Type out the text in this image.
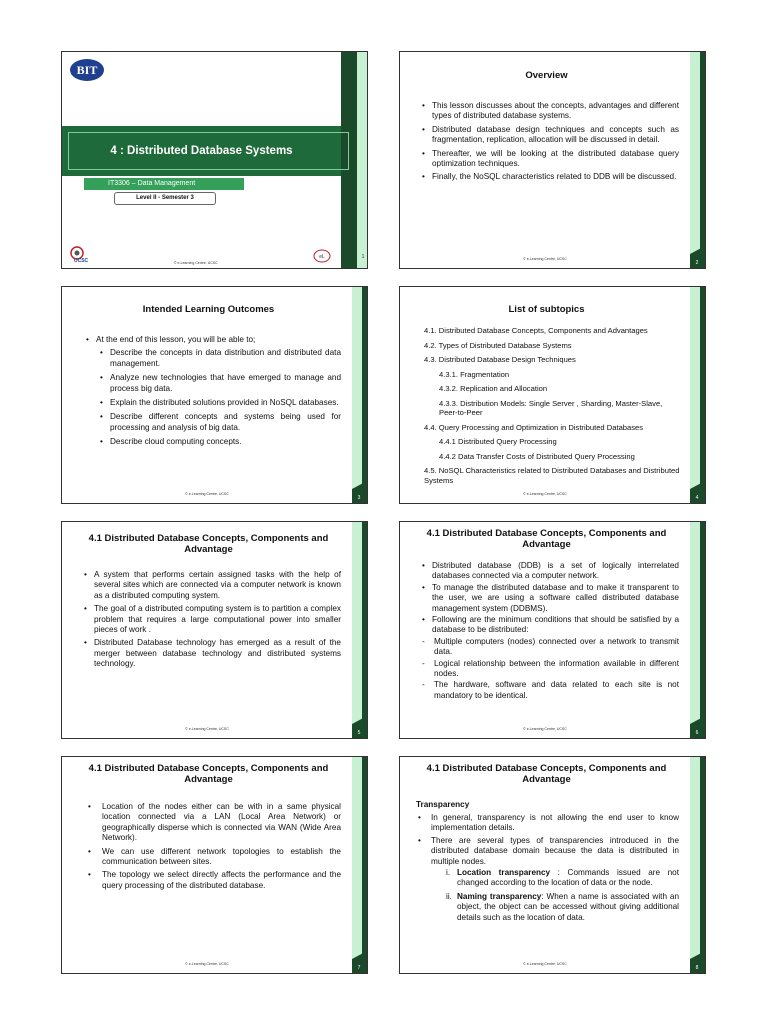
BIT
4 : Distributed Database Systems
IT3306 – Data Management
Level II - Semester 3
UCSC	© e-Learning Centre, UCSC
eL	1
Overview
• This lesson discusses about the concepts, advantages and different types of distributed database systems.
• Distributed database design techniques and concepts such as fragmentation, replication, allocation will be discussed in detail.
• Thereafter, we will be looking at the distributed database query optimization techniques.
• Finally, the NoSQL characteristics related to DDB will be discussed.
© e-Learning Centre, UCSC
2
Intended Learning Outcomes
• At the end of this lesson, you will be able to;
• Describe the concepts in data distribution and distributed data management.
• Analyze new technologies that have emerged to manage and process big data.
• Explain the distributed solutions provided in NoSQL databases.
• Describe different concepts and systems being used for processing and analysis of big data.
• Describe cloud computing concepts.
© e-Learning Centre, UCSC
3
List of subtopics
4.1. Distributed Database Concepts, Components and Advantages
4.2. Types of Distributed Database Systems
4.3. Distributed Database Design Techniques
4.3.1. Fragmentation
4.3.2. Replication and Allocation
4.3.3. Distribution Models: Single Server , Sharding, Master-Slave, Peer-to-Peer
4.4. Query Processing and Optimization in Distributed Databases
4.4.1 Distributed Query Processing
4.4.2 Data Transfer Costs of Distributed Query Processing
4.5. NoSQL Characteristics related to Distributed Databases and Distributed Systems
© e-Learning Centre, UCSC
4
4.1 Distributed Database Concepts, Components and Advantage
• A system that performs certain assigned tasks with the help of several sites which are connected via a computer network is known as a distributed computing system.
• The goal of a distributed computing system is to partition a complex problem that requires a large computational power into smaller pieces of work .
• Distributed Database technology has emerged as a result of the merger between database technology and distributed systems technology.
© e-Learning Centre, UCSC
5
4.1 Distributed Database Concepts, Components and Advantage
• Distributed database (DDB) is a set of logically interrelated databases connected via a computer network.
• To manage the distributed database and to make it transparent to the user, we are using a software called distributed database management system (DDBMS).
• Following are the minimum conditions that should be satisfied by a database to be distributed:
- Multiple computers (nodes) connected over a network to transmit data.
- Logical relationship between the information available in different nodes.
- The hardware, software and data related to each site is not mandatory to be identical.
© e-Learning Centre, UCSC
6
4.1 Distributed Database Concepts, Components and Advantage
• Location of the nodes either can be with in a same physical location connected via a LAN (Local Area Network) or geographically disperse which is connected via WAN (Wide Area Network).
• We can use different network topologies to establish the communication between sites.
• The topology we select directly affects the performance and the query processing of the distributed database.
© e-Learning Centre, UCSC
7
4.1 Distributed Database Concepts, Components and Advantage
Transparency
• In general, transparency is not allowing the end user to know implementation details.
• There are several types of transparencies introduced in the distributed database domain because the data is distributed in multiple nodes.
i. Location transparency : Commands issued are not changed according to the location of data or the node.
ii. Naming transparency: When a name is associated with an object, the object can be accessed without giving additional details such as the location of data.
© e-Learning Centre, UCSC
8
